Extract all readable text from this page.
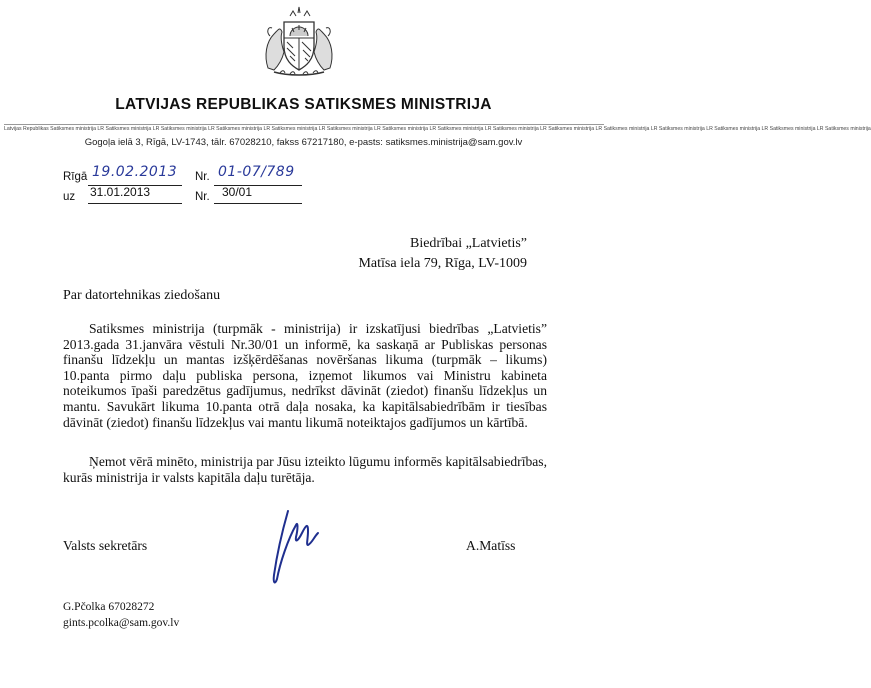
LATVIJAS REPUBLIKAS SATIKSMES MINISTRIJA
Latvijas Republikas Satiksmes ministrija LR Satiksmes ministrija LR Satiksmes ministrija LR Satiksmes ministrija LR Satiksmes ministrija LR Satiksmes ministrija LR Satiksmes ministrija LR Satiksmes ministrija LR Satiksmes ministrija LR Satiksmes ministrija LR Satiksmes ministrija LR Satiksmes ministrija LR Satiksmes ministrija LR Satiksmes ministrija LR Satiksmes ministrija
Gogoļa ielā 3, Rīgā, LV-1743, tālr. 67028210, fakss 67217180, e-pasts: satiksmes.ministrija@sam.gov.lv
Rīgā 19.02.2013 Nr. 01-07/789
uz 31.01.2013	Nr. 30/01
Biedrībai „Latvietis”
Matīsa iela 79, Rīga, LV-1009
Par datortehnikas ziedošanu
Satiksmes ministrija (turpmāk - ministrija) ir izskatījusi biedrības „Latvietis” 2013.gada 31.janvāra vēstuli Nr.30/01 un informē, ka saskaņā ar Publiskas personas finanšu līdzekļu un mantas izšķērdēšanas novēršanas likuma (turpmāk – likums) 10.panta pirmo daļu publiska persona, izņemot likumos vai Ministru kabineta noteikumos īpaši paredzētus gadījumus, nedrīkst dāvināt (ziedot) finanšu līdzekļus un mantu. Savukārt likuma 10.panta otrā daļa nosaka, ka kapitālsabiedrībām ir tiesības dāvināt (ziedot) finanšu līdzekļus vai mantu likumā noteiktajos gadījumos un kārtībā.
Ņemot vērā minēto, ministrija par Jūsu izteikto lūgumu informēs kapitālsabiedrības, kurās ministrija ir valsts kapitāla daļu turētāja.
Valsts sekretārs	A.Matīss
G.Pčolka 67028272
gints.pcolka@sam.gov.lv
